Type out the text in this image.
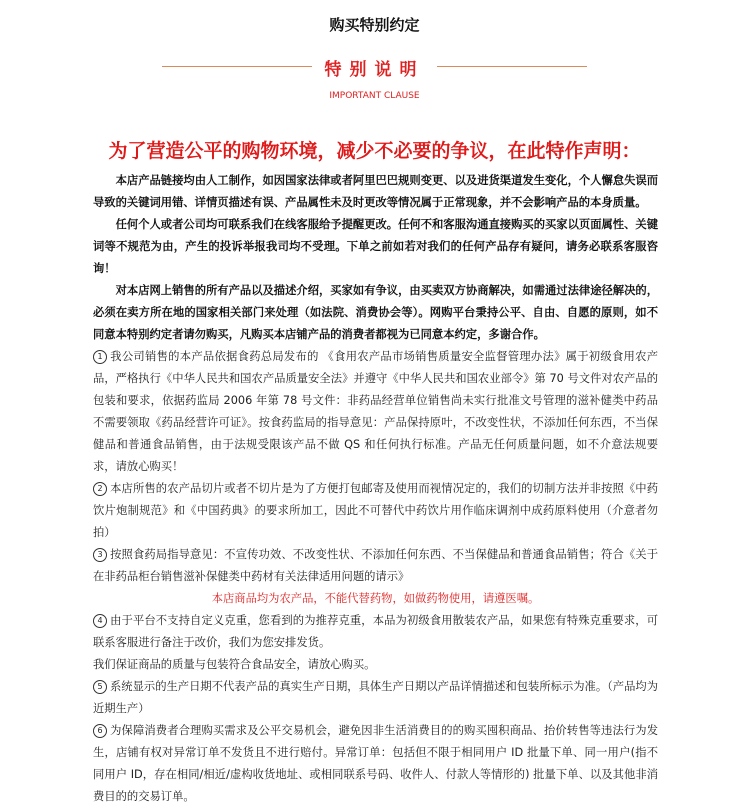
购买特别约定
特别说明
IMPORTANT CLAUSE
为了营造公平的购物环境，减少不必要的争议，在此特作声明：

本店产品链接均由人工制作，如因国家法律或者阿里巴巴规则变更、以及进货渠道发生变化，个人懈怠失误而导致的关键词用错、详情页描述有误、产品属性未及时更改等情况属于正常现象，并不会影响产品的本身质量。

任何个人或者公司均可联系我们在线客服给予提醒更改。任何不和客服沟通直接购买的买家以页面属性、关键词等不规范为由，产生的投诉举报我司均不受理。下单之前如若对我们的任何产品存有疑问，请务必联系客服咨询！

对本店网上销售的所有产品以及描述介绍，买家如有争议，由买卖双方协商解决，如需通过法律途径解决的，必须在卖方所在地的国家相关部门来处理（如法院、消费协会等）。网购平台秉持公平、自由、自愿的原则，如不同意本特别约定者请勿购买，凡购买本店铺产品的消费者都视为已同意本约定，多谢合作。

1 我公司销售的本产品依据食药总局发布的 《食用农产品市场销售质量安全监督管理办法》属于初级食用农产品，严格执行《中华人民共和国农产品质量安全法》并遵守《中华人民共和国农业部令》第 70 号文件对农产品的包装和要求，依据药监局 2006 年第 78 号文件：非药品经营单位销售尚未实行批准文号管理的滋补健类中药品不需要领取《药品经营许可证》。按食药监局的指导意见：产品保持原叶，不改变性状，不添加任何东西，不当保健品和普通食品销售，由于法规受限该产品不做 QS 和任何执行标准。产品无任何质量问题，如不介意法规要求，请放心购买！

2 本店所售的农产品切片或者不切片是为了方便打包邮寄及使用而视情况定的，我们的切制方法并非按照《中药饮片炮制规范》和《中国药典》的要求所加工，因此不可替代中药饮片用作临床调剂中成药原料使用（介意者勿拍）

3 按照食药局指导意见：不宣传功效、不改变性状、不添加任何东西、不当保健品和普通食品销售；符合《关于在非药品柜台销售滋补保健类中药材有关法律适用问题的请示》

本店商品均为农产品，不能代替药物，如做药物使用，请遵医嘱。

4 由于平台不支持自定义克重，您看到的为推荐克重，本品为初级食用散装农产品，如果您有特殊克重要求，可联系客服进行备注于改价，我们为您安排发货。

我们保证商品的质量与包装符合食品安全，请放心购买。

5 系统显示的生产日期不代表产品的真实生产日期，具体生产日期以产品详情描述和包装所标示为准。（产品均为近期生产）

6 为保障消费者合理购买需求及公平交易机会，避免因非生活消费目的的购买囤积商品、抬价转售等违法行为发生，店铺有权对异常订单不发货且不进行赔付。异常订单：包括但不限于相同用户 ID 批量下单、同一用户(指不同用户 ID，存在相同/相近/虚构收货地址、或相同联系号码、收件人、付款人等情形的) 批量下单、以及其他非消费目的的交易订单。
